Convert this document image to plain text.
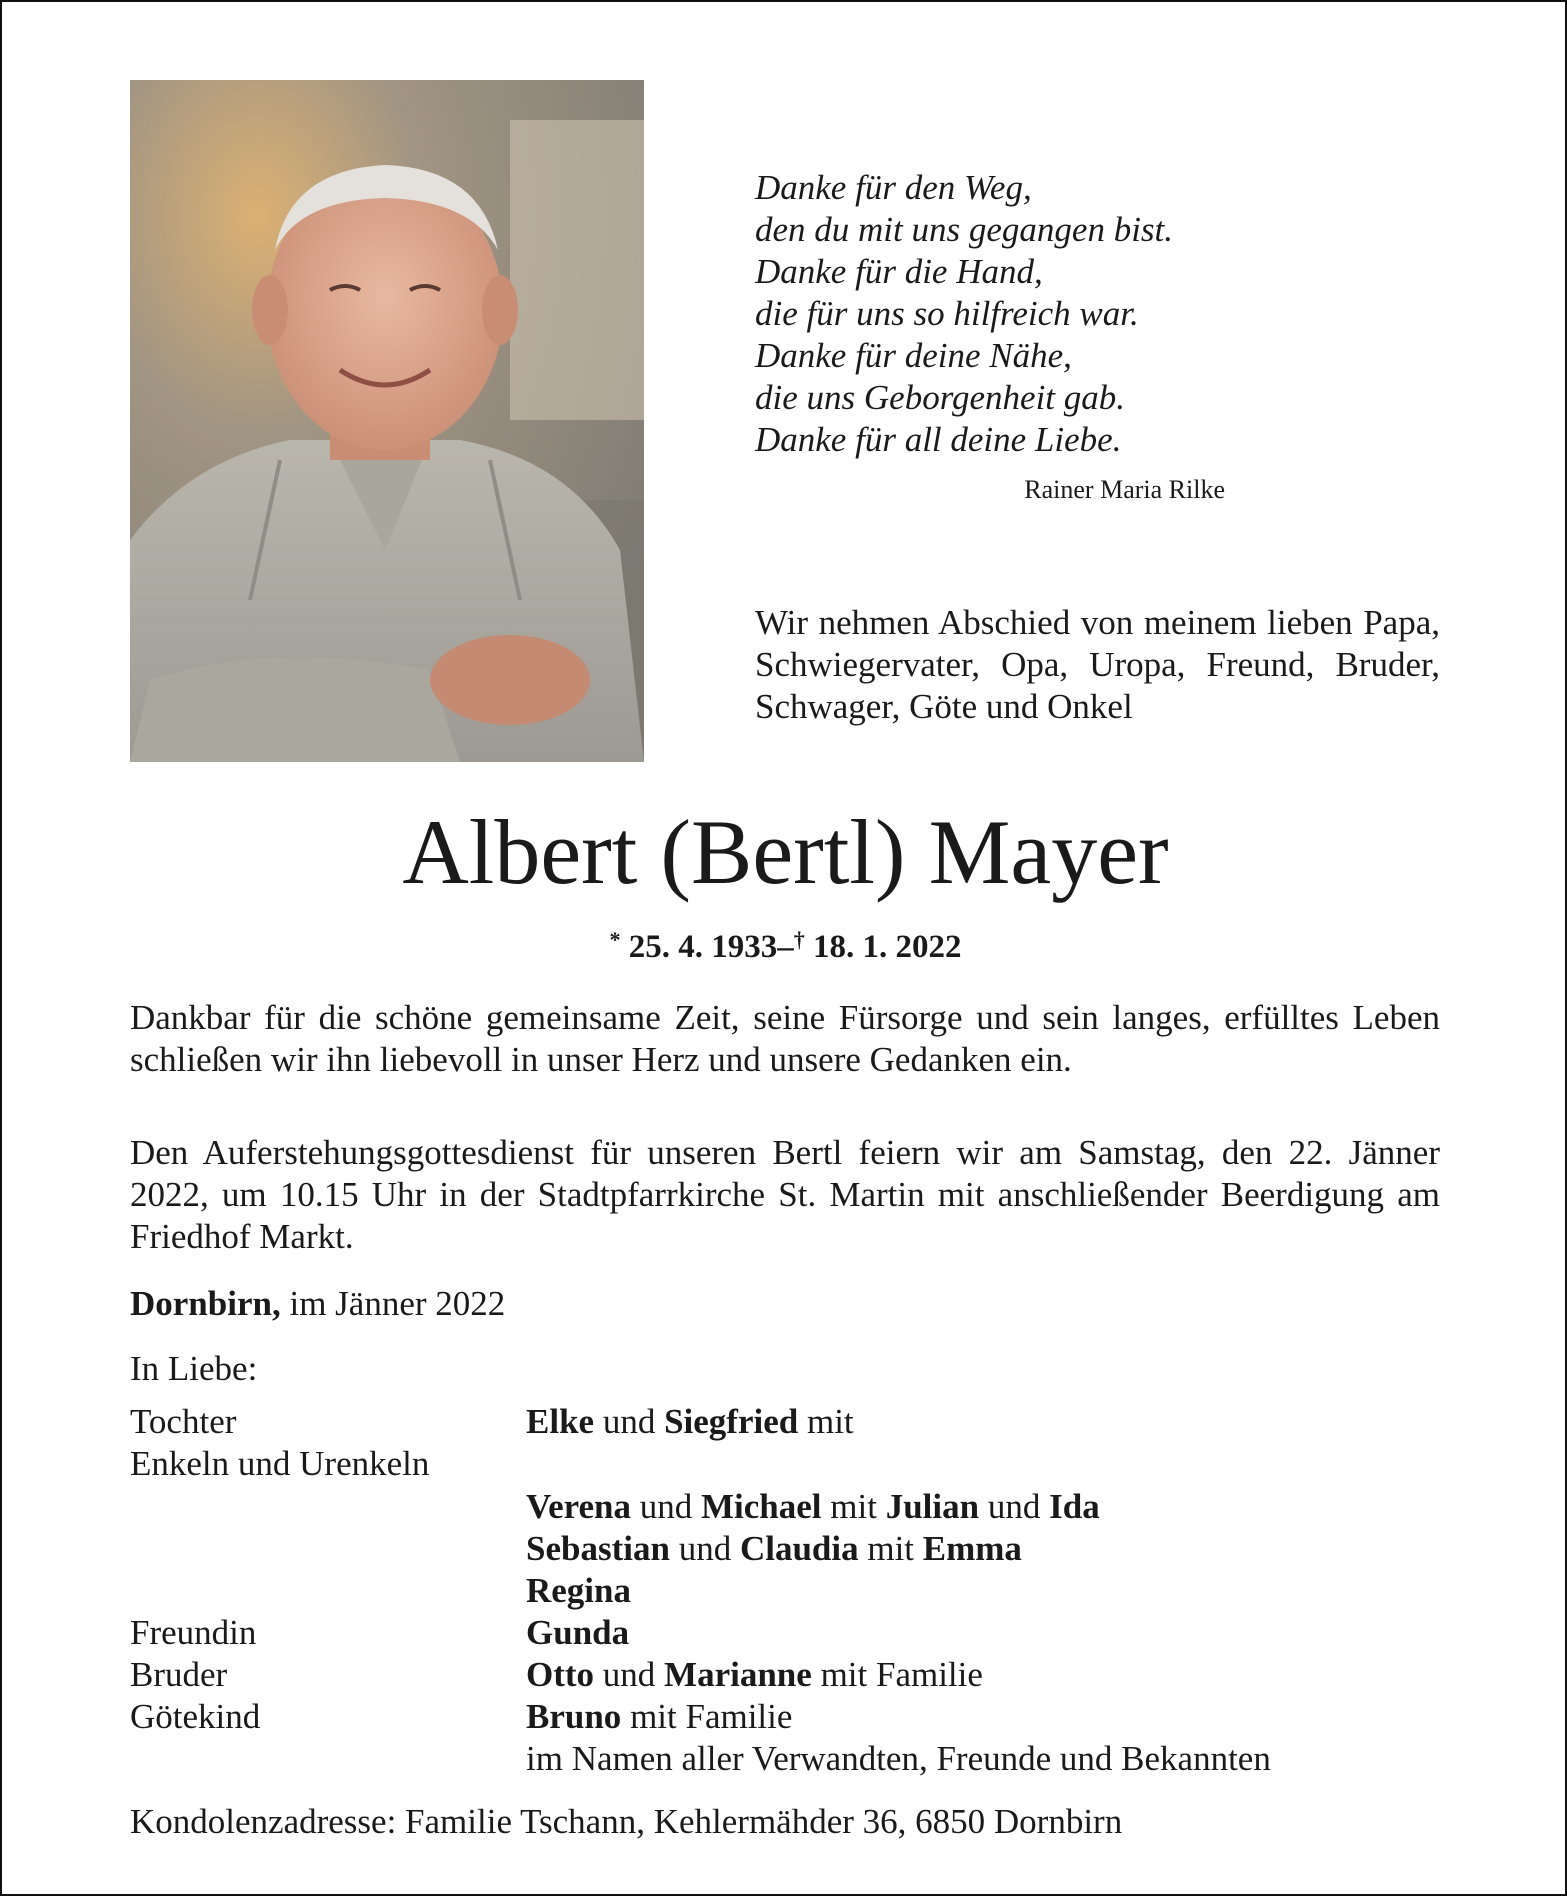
Danke für den Weg,
den du mit uns gegangen bist.
Danke für die Hand,
die für uns so hilfreich war.
Danke für deine Nähe,
die uns Geborgenheit gab.
Danke für all deine Liebe.
Rainer Maria Rilke
Wir nehmen Abschied von meinem lieben Papa, Schwiegervater, Opa, Uropa, Freund, Bruder, Schwager, Göte und Onkel
Albert (Bertl) Mayer
* 25. 4. 1933–† 18. 1. 2022
Dankbar für die schöne gemeinsame Zeit, seine Fürsorge und sein langes, erfülltes Leben schließen wir ihn liebevoll in unser Herz und unsere Gedanken ein.
Den Auferstehungsgottesdienst für unseren Bertl feiern wir am Samstag, den 22. Jänner 2022, um 10.15 Uhr in der Stadtpfarrkirche St. Martin mit anschließender Beerdigung am Friedhof Markt.
Dornbirn, im Jänner 2022
In Liebe:
Tochter	Elke und Siegfried mit
Enkeln und Urenkeln
Verena und Michael mit Julian und Ida
Sebastian und Claudia mit Emma
Regina
Freundin	Gunda
Bruder	Otto und Marianne mit Familie
Götekind	Bruno mit Familie
im Namen aller Verwandten, Freunde und Bekannten
Kondolenzadresse: Familie Tschann, Kehlermähder 36, 6850 Dornbirn
